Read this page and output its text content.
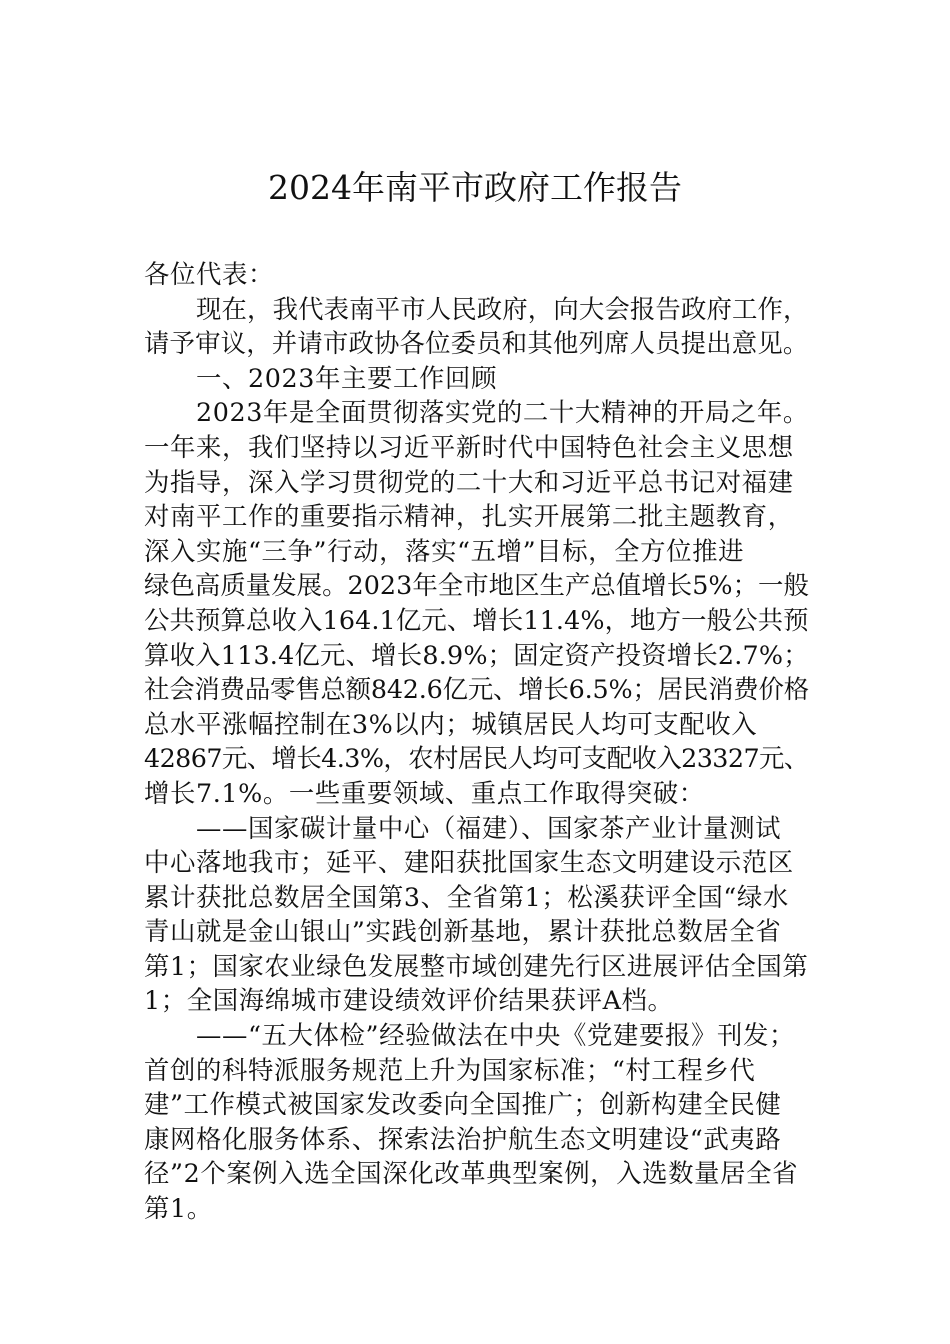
2024年南平市政府工作报告
各位代表：
现在，我代表南平市人民政府，向大会报告政府工作，
请予审议，并请市政协各位委员和其他列席人员提出意见。
一、2023年主要工作回顾
2023年是全面贯彻落实党的二十大精神的开局之年。
一年来，我们坚持以习近平新时代中国特色社会主义思想
为指导，深入学习贯彻党的二十大和习近平总书记对福建
对南平工作的重要指示精神，扎实开展第二批主题教育，
深入实施“三争”行动，落实“五增”目标，全方位推进
绿色高质量发展。2023年全市地区生产总值增长5%；一般
公共预算总收入164.1亿元、增长11.4%，地方一般公共预
算收入113.4亿元、增长8.9%；固定资产投资增长2.7%；
社会消费品零售总额842.6亿元、增长6.5%；居民消费价格
总水平涨幅控制在3%以内；城镇居民人均可支配收入
42867元、增长4.3%，农村居民人均可支配收入23327元、
增长7.1%。一些重要领域、重点工作取得突破：
——国家碳计量中心（福建）、国家茶产业计量测试
中心落地我市；延平、建阳获批国家生态文明建设示范区
累计获批总数居全国第3、全省第1；松溪获评全国“绿水
青山就是金山银山”实践创新基地，累计获批总数居全省
第1；国家农业绿色发展整市域创建先行区进展评估全国第
1；全国海绵城市建设绩效评价结果获评A档。
——“五大体检”经验做法在中央《党建要报》刊发；
首创的科特派服务规范上升为国家标准；“村工程乡代
建”工作模式被国家发改委向全国推广；创新构建全民健
康网格化服务体系、探索法治护航生态文明建设“武夷路
径”2个案例入选全国深化改革典型案例，入选数量居全省
第1。
